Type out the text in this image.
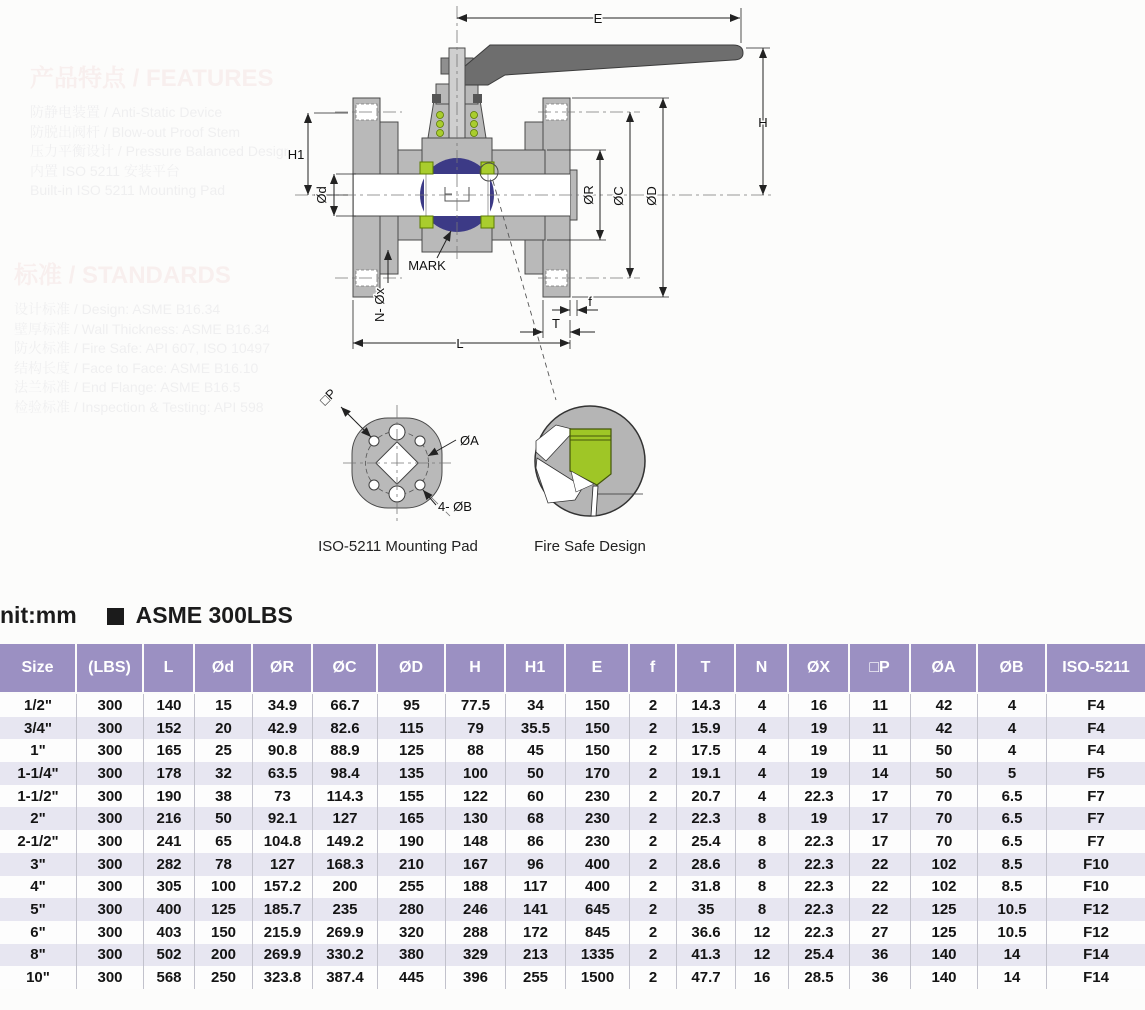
产品特点 / FEATURES
防静电装置 / Anti-Static Device
防脱出阀杆 / Blow-out Proof Stem
压力平衡设计 / Pressure Balanced Design
内置 ISO 5211 安装平台
Built-in ISO 5211 Mounting Pad
标准 / STANDARDS
设计标准 / Design: ASME B16.34
壁厚标准 / Wall Thickness: ASME B16.34
防火标准 / Fire Safe: API 607, ISO 10497
结构长度 / Face to Face: ASME B16.10
法兰标准 / End Flange: ASME B16.5
检验标准 / Inspection & Testing: API 598
E
H
H1
Ød
N- Øx
ØR ØC ØD
f
T
L
MARK
□P
ØA
4- ØB
ISO-5211 Mounting Pad	Fire Safe Design
nit:mm	ASME 300LBS
Size	(LBS)	L	Ød	ØR	ØC	ØD	H	H1	E	f	T	N	ØX	□P	ØA	ØB	ISO-5211
1/2"	300	140	15	34.9	66.7	95	77.5	34	150	2	14.3	4	16	11	42	4	F4
3/4"	300	152	20	42.9	82.6	115	79	35.5	150	2	15.9	4	19	11	42	4	F4
1"	300	165	25	90.8	88.9	125	88	45	150	2	17.5	4	19	11	50	4	F4
1-1/4"	300	178	32	63.5	98.4	135	100	50	170	2	19.1	4	19	14	50	5	F5
1-1/2"	300	190	38	73	114.3	155	122	60	230	2	20.7	4	22.3	17	70	6.5	F7
2"	300	216	50	92.1	127	165	130	68	230	2	22.3	8	19	17	70	6.5	F7
2-1/2"	300	241	65	104.8	149.2	190	148	86	230	2	25.4	8	22.3	17	70	6.5	F7
3"	300	282	78	127	168.3	210	167	96	400	2	28.6	8	22.3	22	102	8.5	F10
4"	300	305	100	157.2	200	255	188	117	400	2	31.8	8	22.3	22	102	8.5	F10
5"	300	400	125	185.7	235	280	246	141	645	2	35	8	22.3	22	125	10.5	F12
6"	300	403	150	215.9	269.9	320	288	172	845	2	36.6	12	22.3	27	125	10.5	F12
8"	300	502	200	269.9	330.2	380	329	213	1335	2	41.3	12	25.4	36	140	14	F14
10"	300	568	250	323.8	387.4	445	396	255	1500	2	47.7	16	28.5	36	140	14	F14
